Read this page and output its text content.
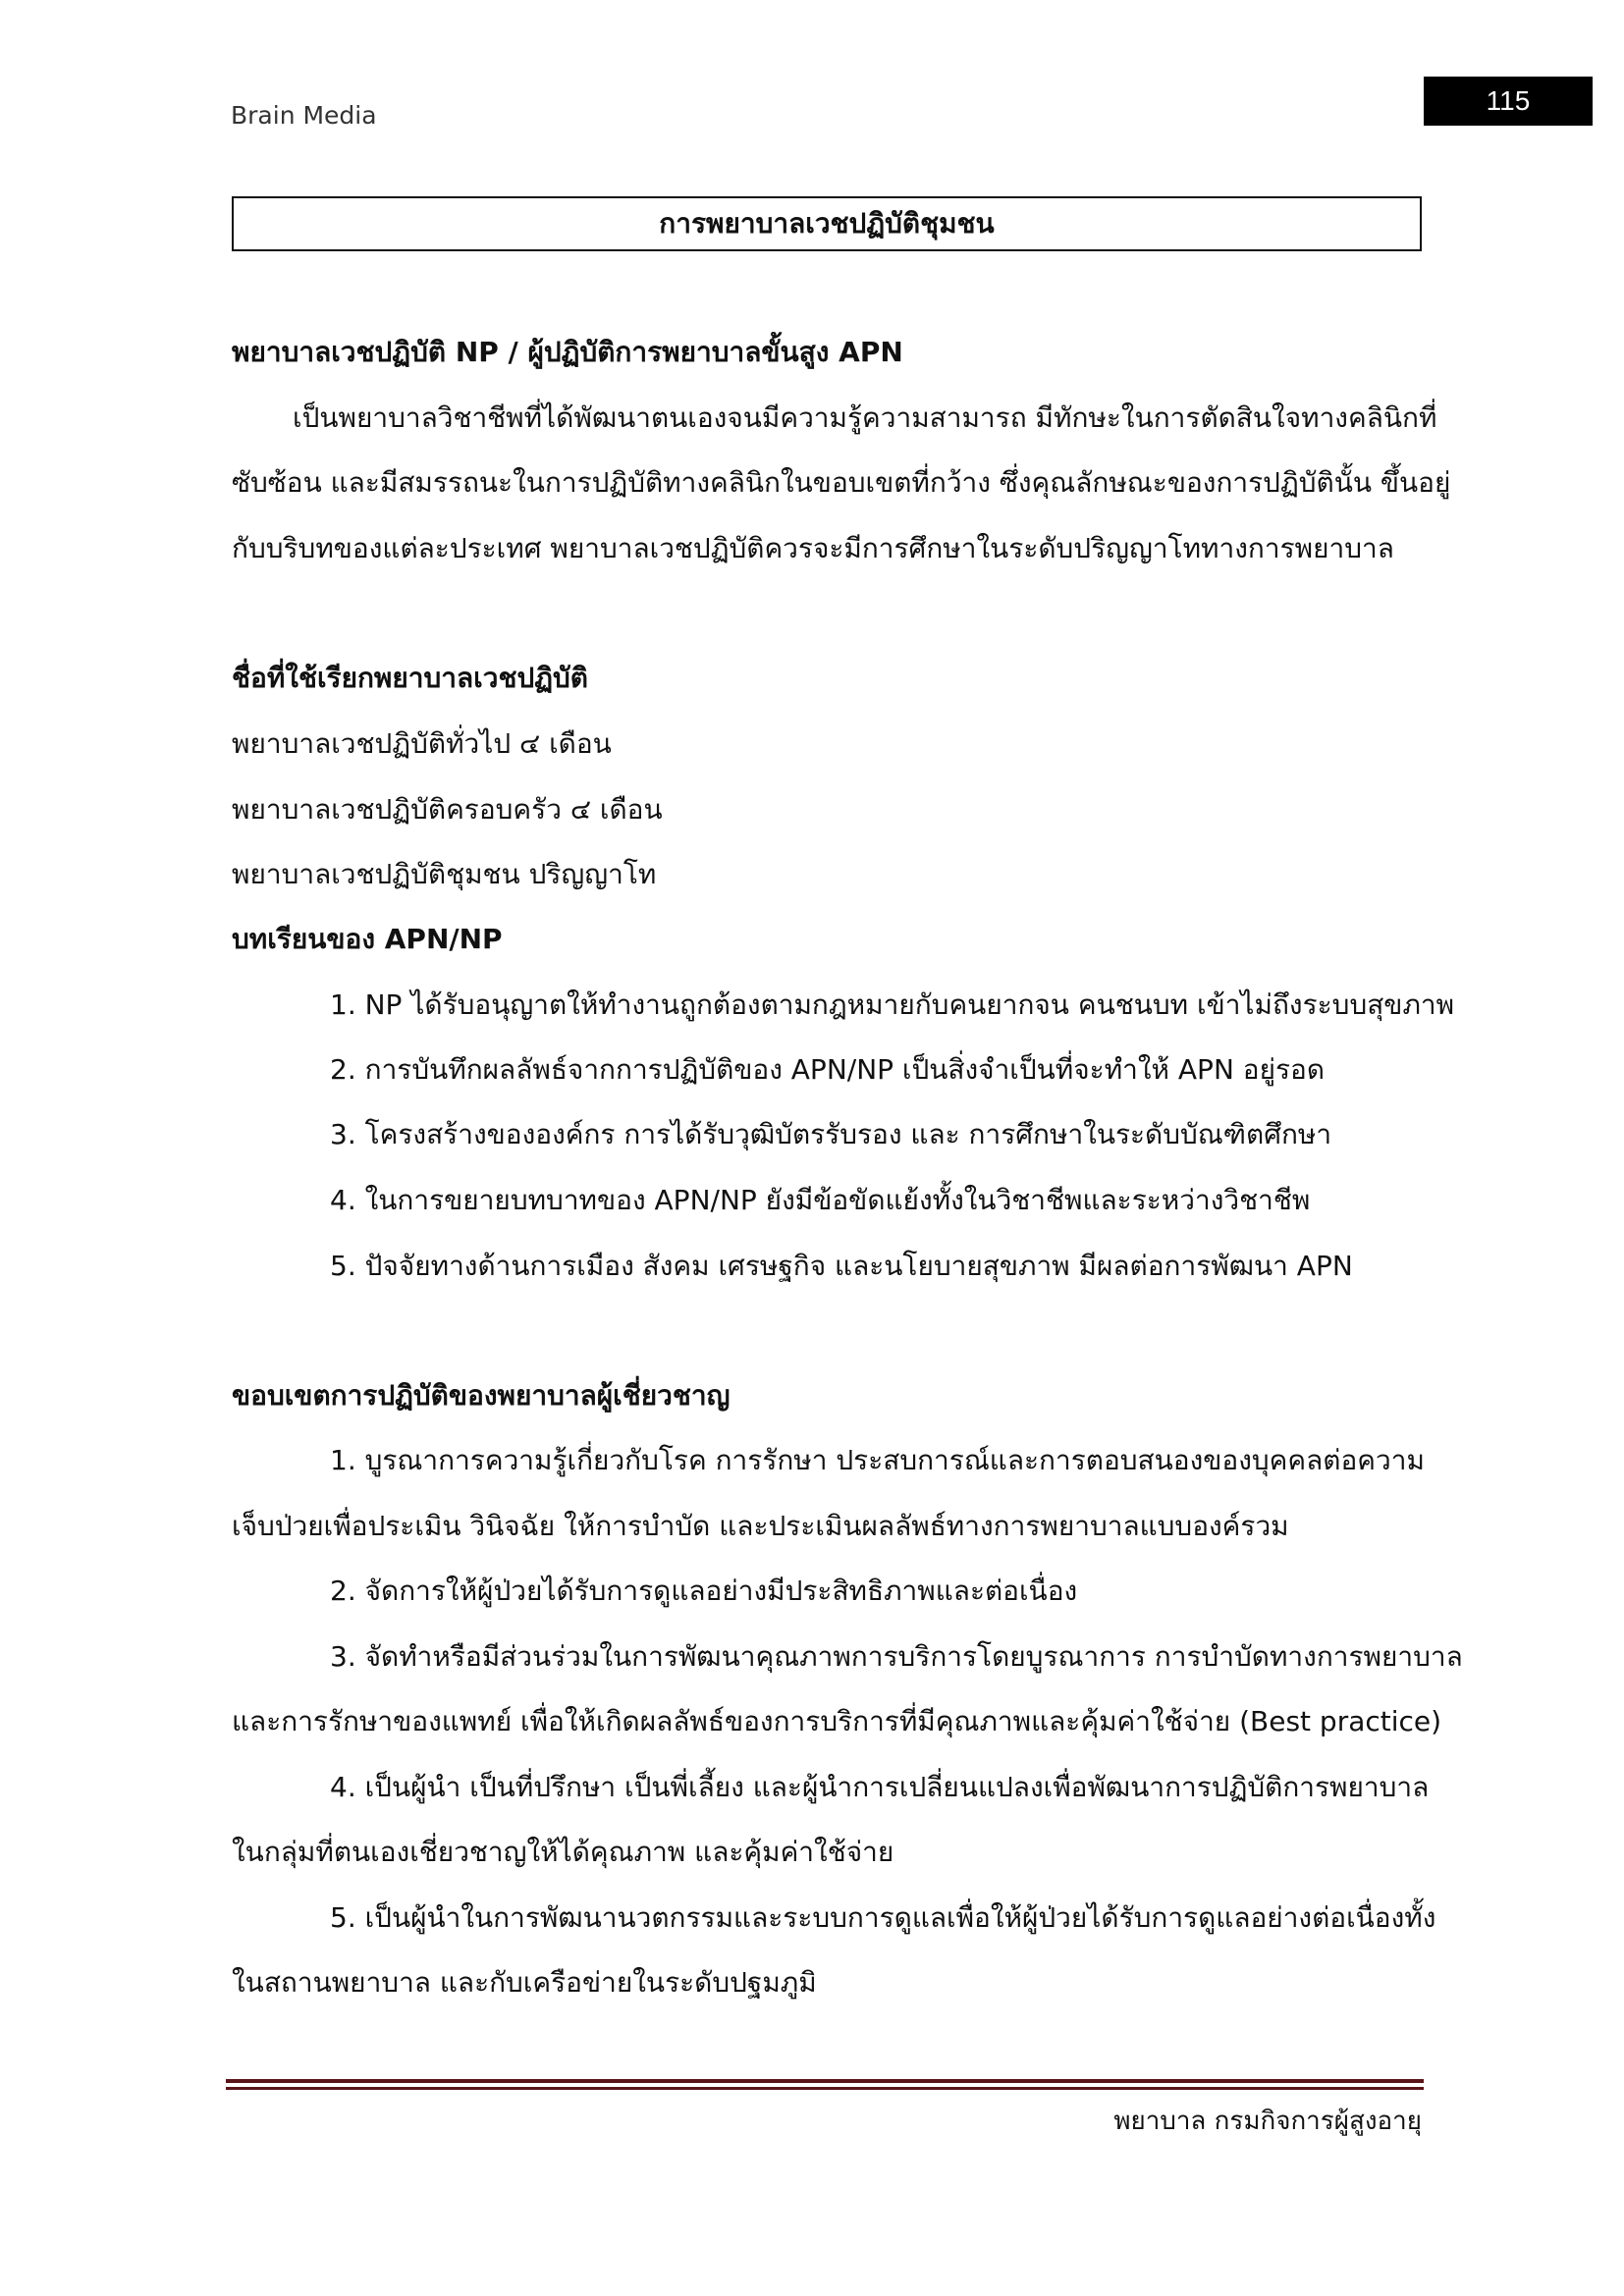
Brain Media	115
การพยาบาลเวชปฏิบัติชุมชน
พยาบาลเวชปฏิบัติ NP / ผู้ปฏิบัติการพยาบาลขั้นสูง APN
เป็นพยาบาลวิชาชีพที่ได้พัฒนาตนเองจนมีความรู้ความสามารถ มีทักษะในการตัดสินใจทางคลินิกที่
ซับซ้อน และมีสมรรถนะในการปฏิบัติทางคลินิกในขอบเขตที่กว้าง ซึ่งคุณลักษณะของการปฏิบัตินั้น ขึ้นอยู่
กับบริบทของแต่ละประเทศ พยาบาลเวชปฏิบัติควรจะมีการศึกษาในระดับปริญญาโททางการพยาบาล
ชื่อที่ใช้เรียกพยาบาลเวชปฏิบัติ
พยาบาลเวชปฏิบัติทั่วไป ๔ เดือน
พยาบาลเวชปฏิบัติครอบครัว ๔ เดือน
พยาบาลเวชปฏิบัติชุมชน ปริญญาโท
บทเรียนของ APN/NP
1. NP ได้รับอนุญาตให้ทำงานถูกต้องตามกฎหมายกับคนยากจน คนชนบท เข้าไม่ถึงระบบสุขภาพ
2. การบันทึกผลลัพธ์จากการปฏิบัติของ APN/NP เป็นสิ่งจำเป็นที่จะทำให้ APN อยู่รอด
3. โครงสร้างขององค์กร การได้รับวุฒิบัตรรับรอง และ การศึกษาในระดับบัณฑิตศึกษา
4. ในการขยายบทบาทของ APN/NP ยังมีข้อขัดแย้งทั้งในวิชาชีพและระหว่างวิชาชีพ
5. ปัจจัยทางด้านการเมือง สังคม เศรษฐกิจ และนโยบายสุขภาพ มีผลต่อการพัฒนา APN
ขอบเขตการปฏิบัติของพยาบาลผู้เชี่ยวชาญ
1. บูรณาการความรู้เกี่ยวกับโรค การรักษา ประสบการณ์และการตอบสนองของบุคคลต่อความ
เจ็บป่วยเพื่อประเมิน วินิจฉัย ให้การบำบัด และประเมินผลลัพธ์ทางการพยาบาลแบบองค์รวม
2. จัดการให้ผู้ป่วยได้รับการดูแลอย่างมีประสิทธิภาพและต่อเนื่อง
3. จัดทำหรือมีส่วนร่วมในการพัฒนาคุณภาพการบริการโดยบูรณาการ การบำบัดทางการพยาบาล
และการรักษาของแพทย์ เพื่อให้เกิดผลลัพธ์ของการบริการที่มีคุณภาพและคุ้มค่าใช้จ่าย (Best practice)
4. เป็นผู้นำ เป็นที่ปรึกษา เป็นพี่เลี้ยง และผู้นำการเปลี่ยนแปลงเพื่อพัฒนาการปฏิบัติการพยาบาล
ในกลุ่มที่ตนเองเชี่ยวชาญให้ได้คุณภาพ และคุ้มค่าใช้จ่าย
5. เป็นผู้นำในการพัฒนานวตกรรมและระบบการดูแลเพื่อให้ผู้ป่วยได้รับการดูแลอย่างต่อเนื่องทั้ง
ในสถานพยาบาล และกับเครือข่ายในระดับปฐมภูมิ
พยาบาล กรมกิจการผู้สูงอายุ
